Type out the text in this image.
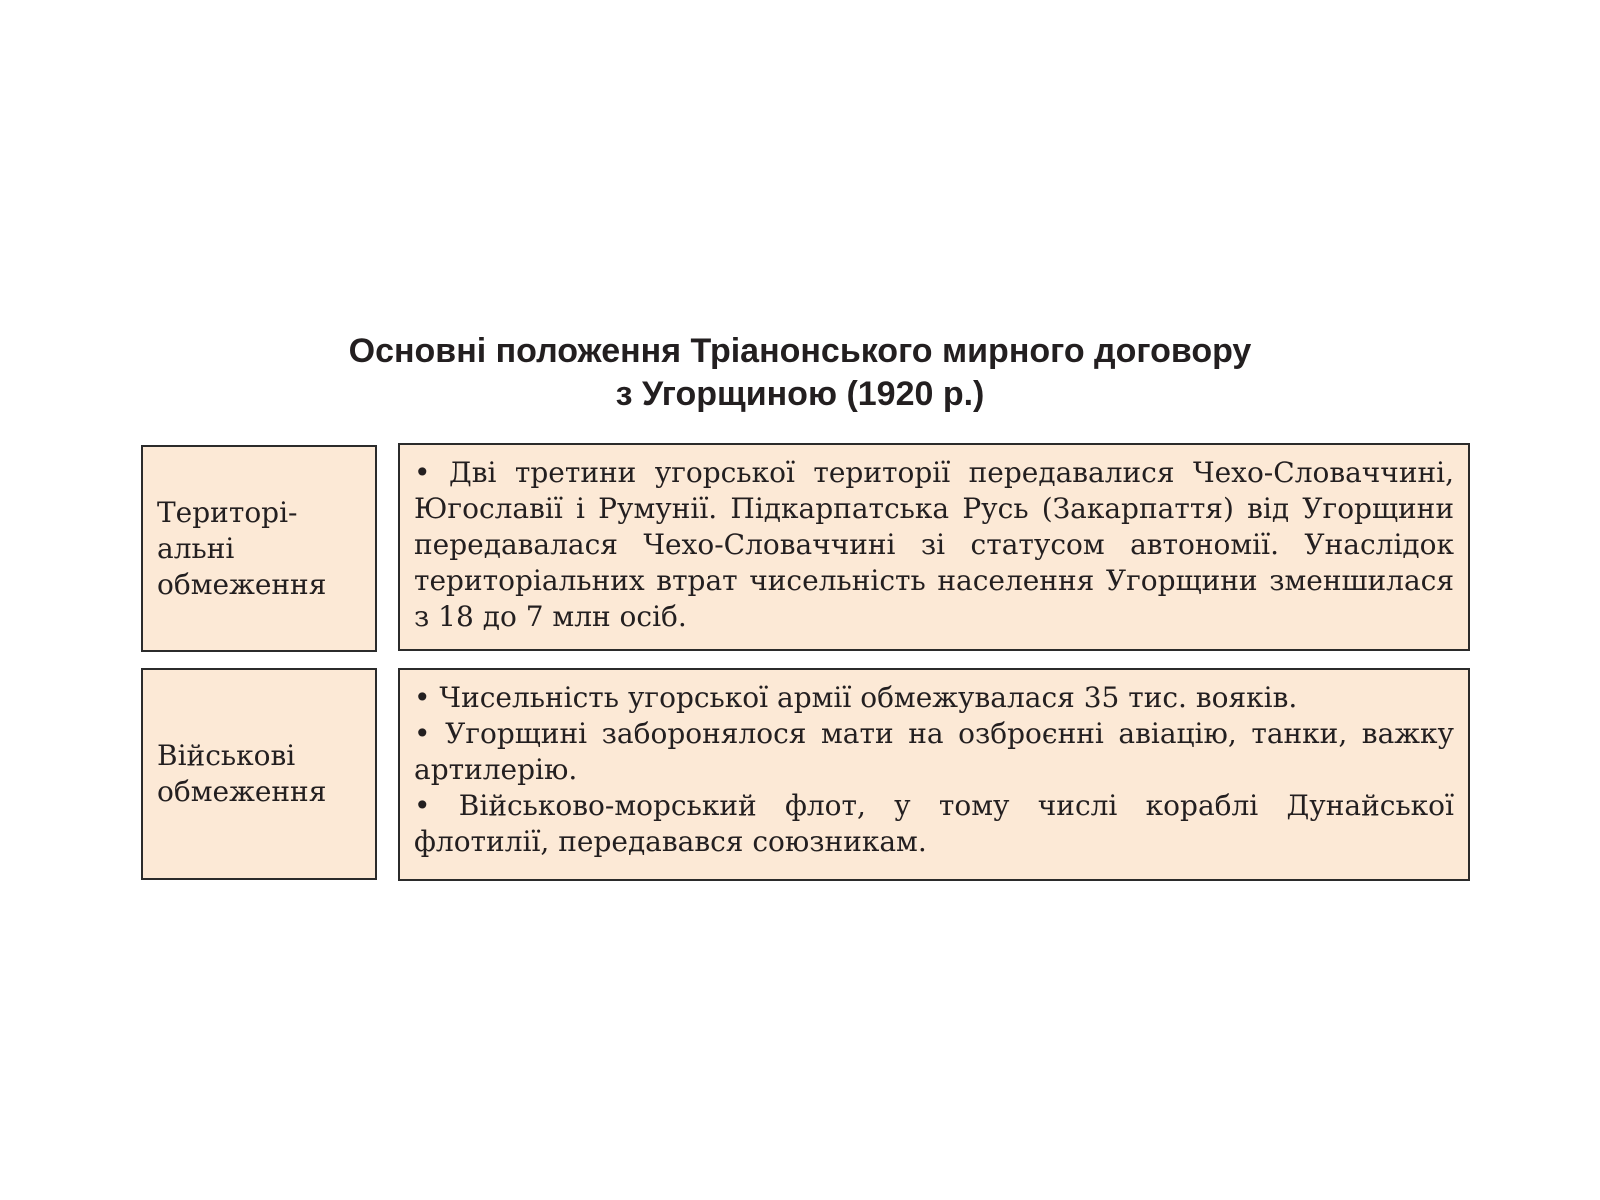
Основні положення Тріанонського мирного договору
з Угорщиною (1920 р.)
Територі-
альні
обмеження

• Дві третини угорської території передавалися Чехо-Словаччині, Югославії і Румунії. Підкарпатська Русь (Закарпаття) від Угорщини передавалася Чехо-Словаччині зі статусом автономії. Унаслідок територіальних втрат чисельність населення Угорщини зменшилася з 18 до 7 млн осіб.

Військові
обмеження

• Чисельність угорської армії обмежувалася 35 тис. вояків.

• Угорщині заборонялося мати на озброєнні авіацію, танки, важку артилерію.

• Військово-морський флот, у тому числі кораблі Дунайської флотилії, передавався союзникам.
